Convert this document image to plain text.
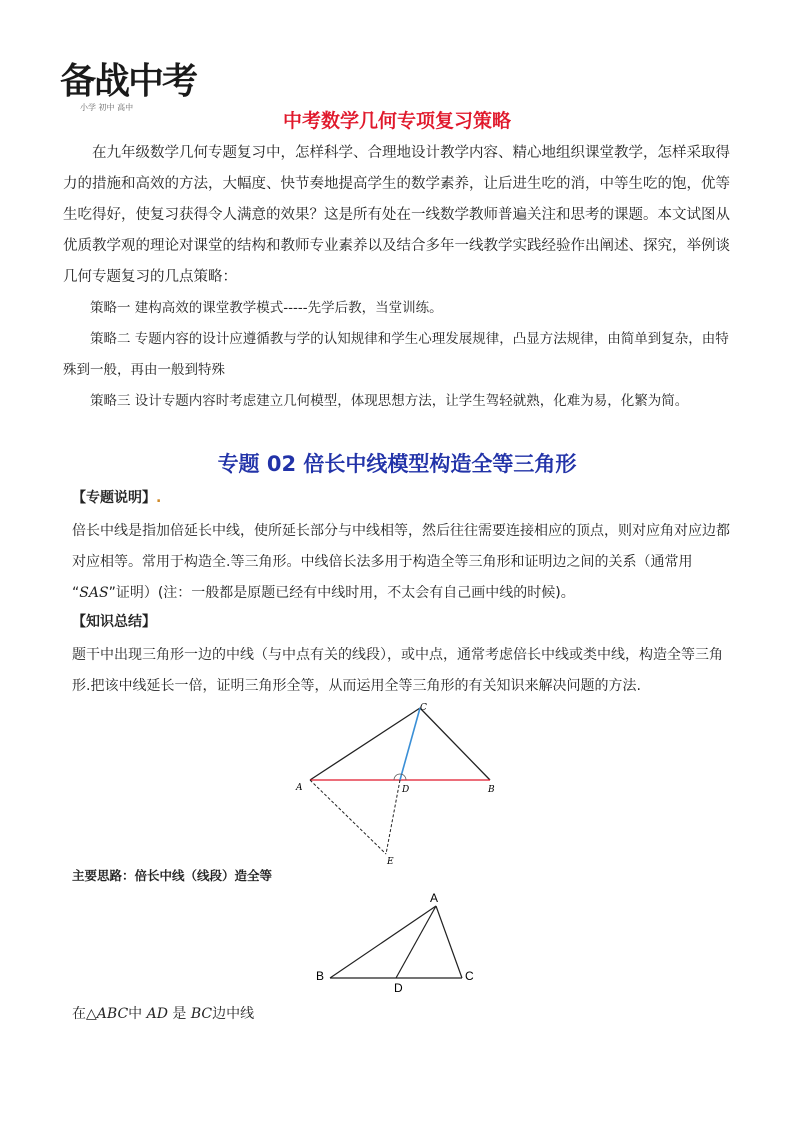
备战中考
小学 初中 高中
中考数学几何专项复习策略

在九年级数学几何专题复习中，怎样科学、合理地设计教学内容、精心地组织课堂教学，怎样采取得力的措施和高效的方法，大幅度、快节奏地提高学生的数学素养，让后进生吃的消，中等生吃的饱，优等生吃得好，使复习获得令人满意的效果？这是所有处在一线数学教师普遍关注和思考的课题。本文试图从优质教学观的理论对课堂的结构和教师专业素养以及结合多年一线教学实践经验作出阐述、探究，举例谈几何专题复习的几点策略：

策略一 建构高效的课堂教学模式-----先学后教，当堂训练。
策略二 专题内容的设计应遵循教与学的认知规律和学生心理发展规律，凸显方法规律，由简单到复杂，由特殊到一般，再由一般到特殊
策略三 设计专题内容时考虑建立几何模型，体现思想方法，让学生驾轻就熟，化难为易，化繁为简。
专题 02 倍长中线模型构造全等三角形
【专题说明】.
倍长中线是指加倍延长中线，使所延长部分与中线相等，然后往往需要连接相应的顶点，则对应角对应边都对应相等。常用于构造全.等三角形。中线倍长法多用于构造全等三角形和证明边之间的关系（通常用
“SAS”证明）(注：一般都是原题已经有中线时用，不太会有自己画中线的时候)。
【知识总结】
题干中出现三角形一边的中线（与中点有关的线段），或中点，通常考虑倍长中线或类中线，构造全等三角形.把该中线延长一倍，证明三角形全等，从而运用全等三角形的有关知识来解决问题的方法.
A	B
C
D
E
主要思路：倍长中线（线段）造全等
A
B	C
D
在△ABC中 AD 是 BC边中线
